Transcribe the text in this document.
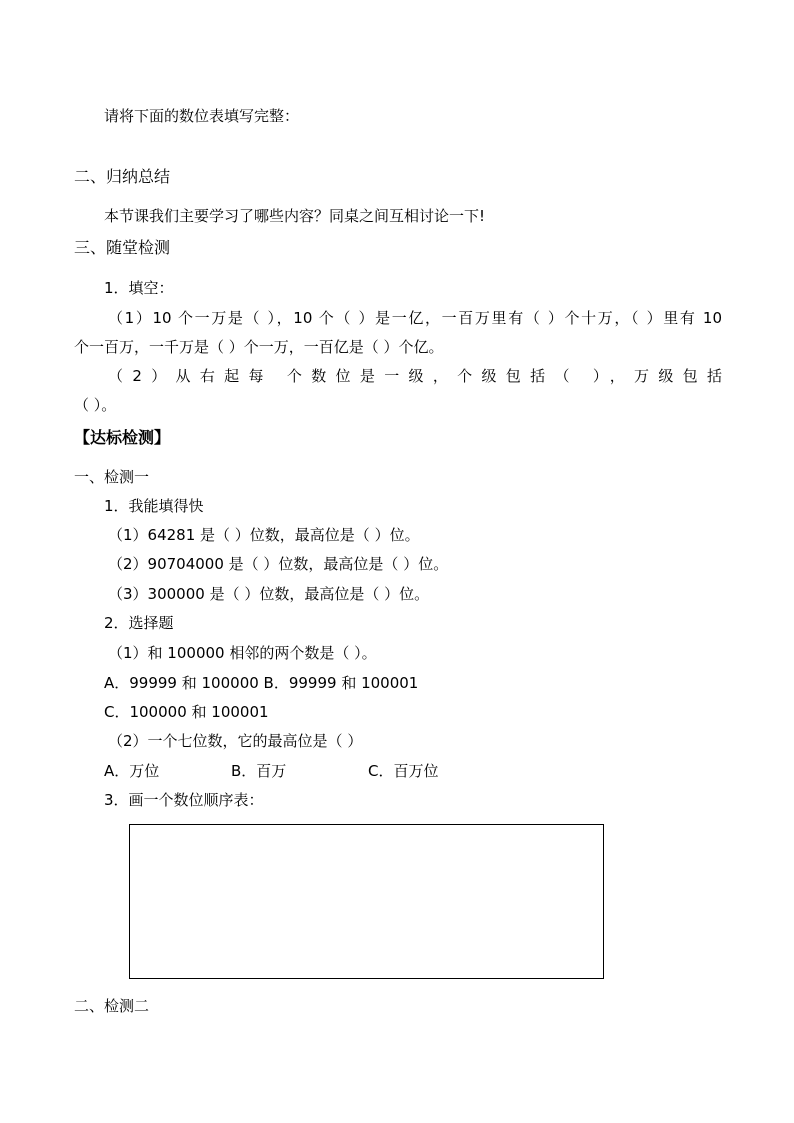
请将下面的数位表填写完整：
二、归纳总结
本节课我们主要学习了哪些内容？同桌之间互相讨论一下!
三、随堂检测
1．填空：
（1）10 个一万是（ ），10 个（ ）是一亿，一百万里有（ ）个十万，（ ）里有 10
个一百万，一千万是（ ）个一万，一百亿是（ ）个亿。
（2）从右起每 个数位是一级，个级包括（ ），万级包括
（ ）。
【达标检测】
一、检测一
1．我能填得快
（1）64281 是（ ）位数，最高位是（ ）位。
（2）90704000 是（ ）位数，最高位是（ ）位。
（3）300000 是（ ）位数，最高位是（ ）位。
2．选择题
（1）和 100000 相邻的两个数是（ ）。
A．99999 和 100000 B．99999 和 100001
C．100000 和 100001
（2）一个七位数，它的最高位是（ ）
A．万位	B．百万	C．百万位
3．画一个数位顺序表：
二、检测二
